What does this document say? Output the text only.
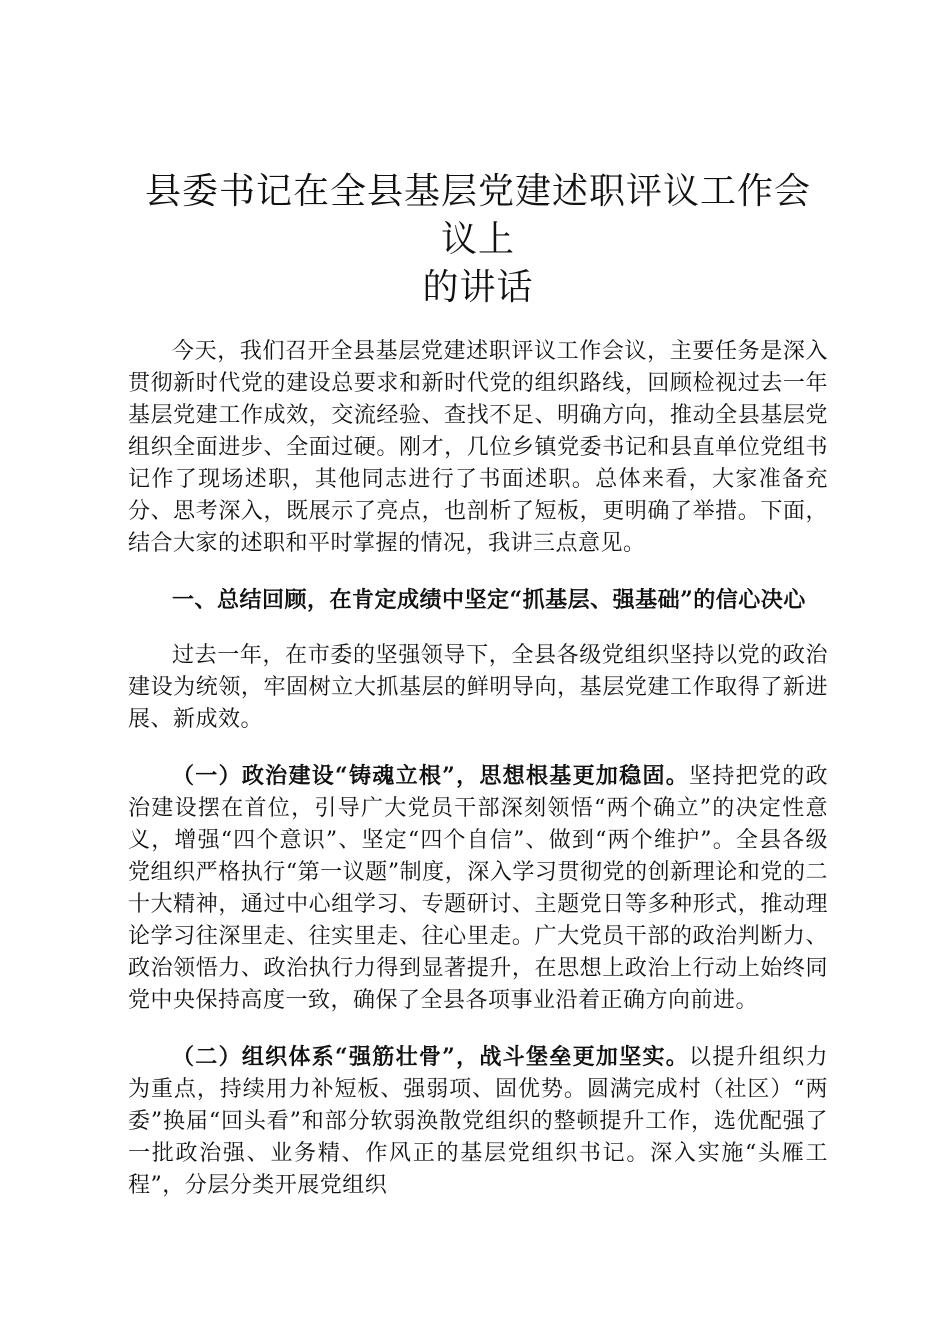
县委书记在全县基层党建述职评议工作会议上
的讲话

今天，我们召开全县基层党建述职评议工作会议，主要任务是深入贯彻新时代党的建设总要求和新时代党的组织路线，回顾检视过去一年基层党建工作成效，交流经验、查找不足、明确方向，推动全县基层党组织全面进步、全面过硬。刚才，几位乡镇党委书记和县直单位党组书记作了现场述职，其他同志进行了书面述职。总体来看，大家准备充分、思考深入，既展示了亮点，也剖析了短板，更明确了举措。下面，结合大家的述职和平时掌握的情况，我讲三点意见。

一、总结回顾，在肯定成绩中坚定“抓基层、强基础”的信心决心

过去一年，在市委的坚强领导下，全县各级党组织坚持以党的政治建设为统领，牢固树立大抓基层的鲜明导向，基层党建工作取得了新进展、新成效。

（一）政治建设“铸魂立根”，思想根基更加稳固。坚持把党的政治建设摆在首位，引导广大党员干部深刻领悟“两个确立”的决定性意义，增强“四个意识”、坚定“四个自信”、做到“两个维护”。全县各级党组织严格执行“第一议题”制度，深入学习贯彻党的创新理论和党的二十大精神，通过中心组学习、专题研讨、主题党日等多种形式，推动理论学习往深里走、往实里走、往心里走。广大党员干部的政治判断力、政治领悟力、政治执行力得到显著提升，在思想上政治上行动上始终同党中央保持高度一致，确保了全县各项事业沿着正确方向前进。

（二）组织体系“强筋壮骨”，战斗堡垒更加坚实。以提升组织力为重点，持续用力补短板、强弱项、固优势。圆满完成村（社区）“两委”换届“回头看”和部分软弱涣散党组织的整顿提升工作，选优配强了一批政治强、业务精、作风正的基层党组织书记。深入实施“头雁工程”，分层分类开展党组织
